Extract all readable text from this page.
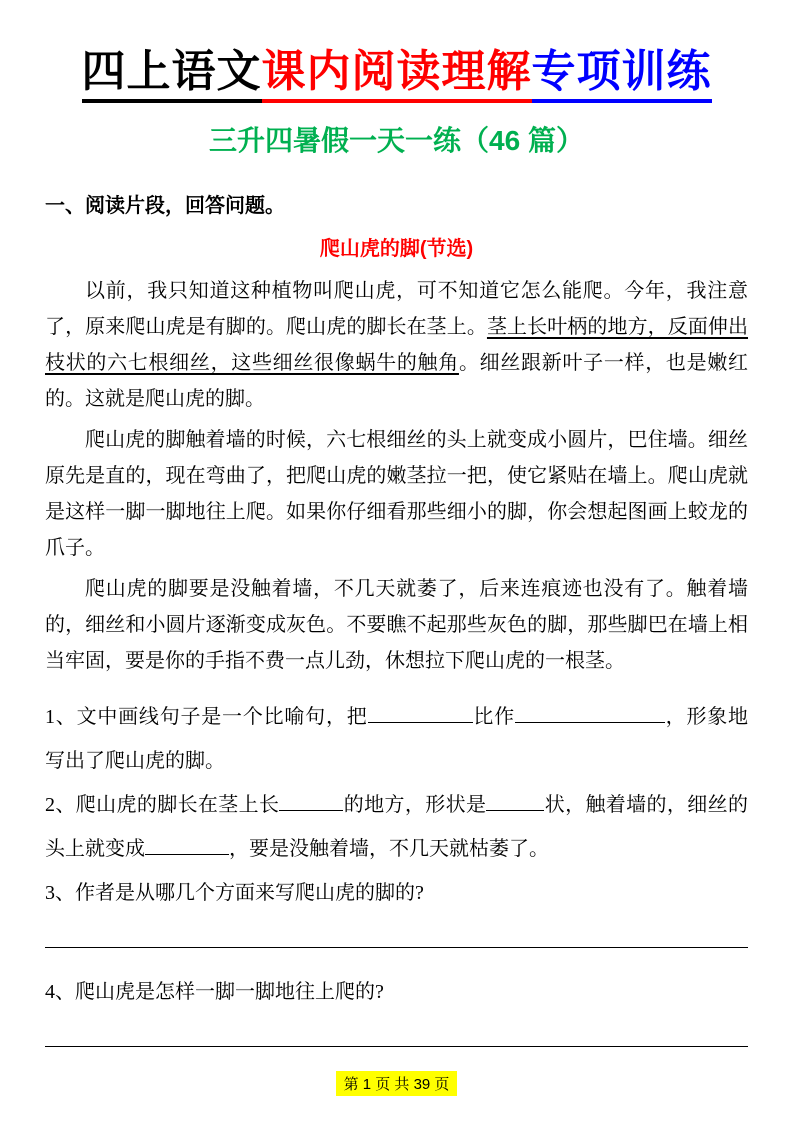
四上语文课内阅读理解专项训练
三升四暑假一天一练（46 篇）
一、阅读片段，回答问题。
爬山虎的脚(节选)

以前，我只知道这种植物叫爬山虎，可不知道它怎么能爬。今年，我注意了，原来爬山虎是有脚的。爬山虎的脚长在茎上。茎上长叶柄的地方，反面伸出枝状的六七根细丝，这些细丝很像蜗牛的触角。细丝跟新叶子一样，也是嫩红的。这就是爬山虎的脚。

爬山虎的脚触着墙的时候，六七根细丝的头上就变成小圆片，巴住墙。细丝原先是直的，现在弯曲了，把爬山虎的嫩茎拉一把，使它紧贴在墙上。爬山虎就是这样一脚一脚地往上爬。如果你仔细看那些细小的脚，你会想起图画上蛟龙的爪子。

爬山虎的脚要是没触着墙，不几天就萎了，后来连痕迹也没有了。触着墙的，细丝和小圆片逐渐变成灰色。不要瞧不起那些灰色的脚，那些脚巴在墙上相当牢固，要是你的手指不费一点儿劲，休想拉下爬山虎的一根茎。

1、文中画线句子是一个比喻句，把	比作	，形象地写出了爬山虎的脚。
2、爬山虎的脚长在茎上长	的地方，形状是	状，触着墙的，细丝的头上就变成	，要是没触着墙，不几天就枯萎了。
3、作者是从哪几个方面来写爬山虎的脚的?
4、爬山虎是怎样一脚一脚地往上爬的?
第 1 页 共 39 页
